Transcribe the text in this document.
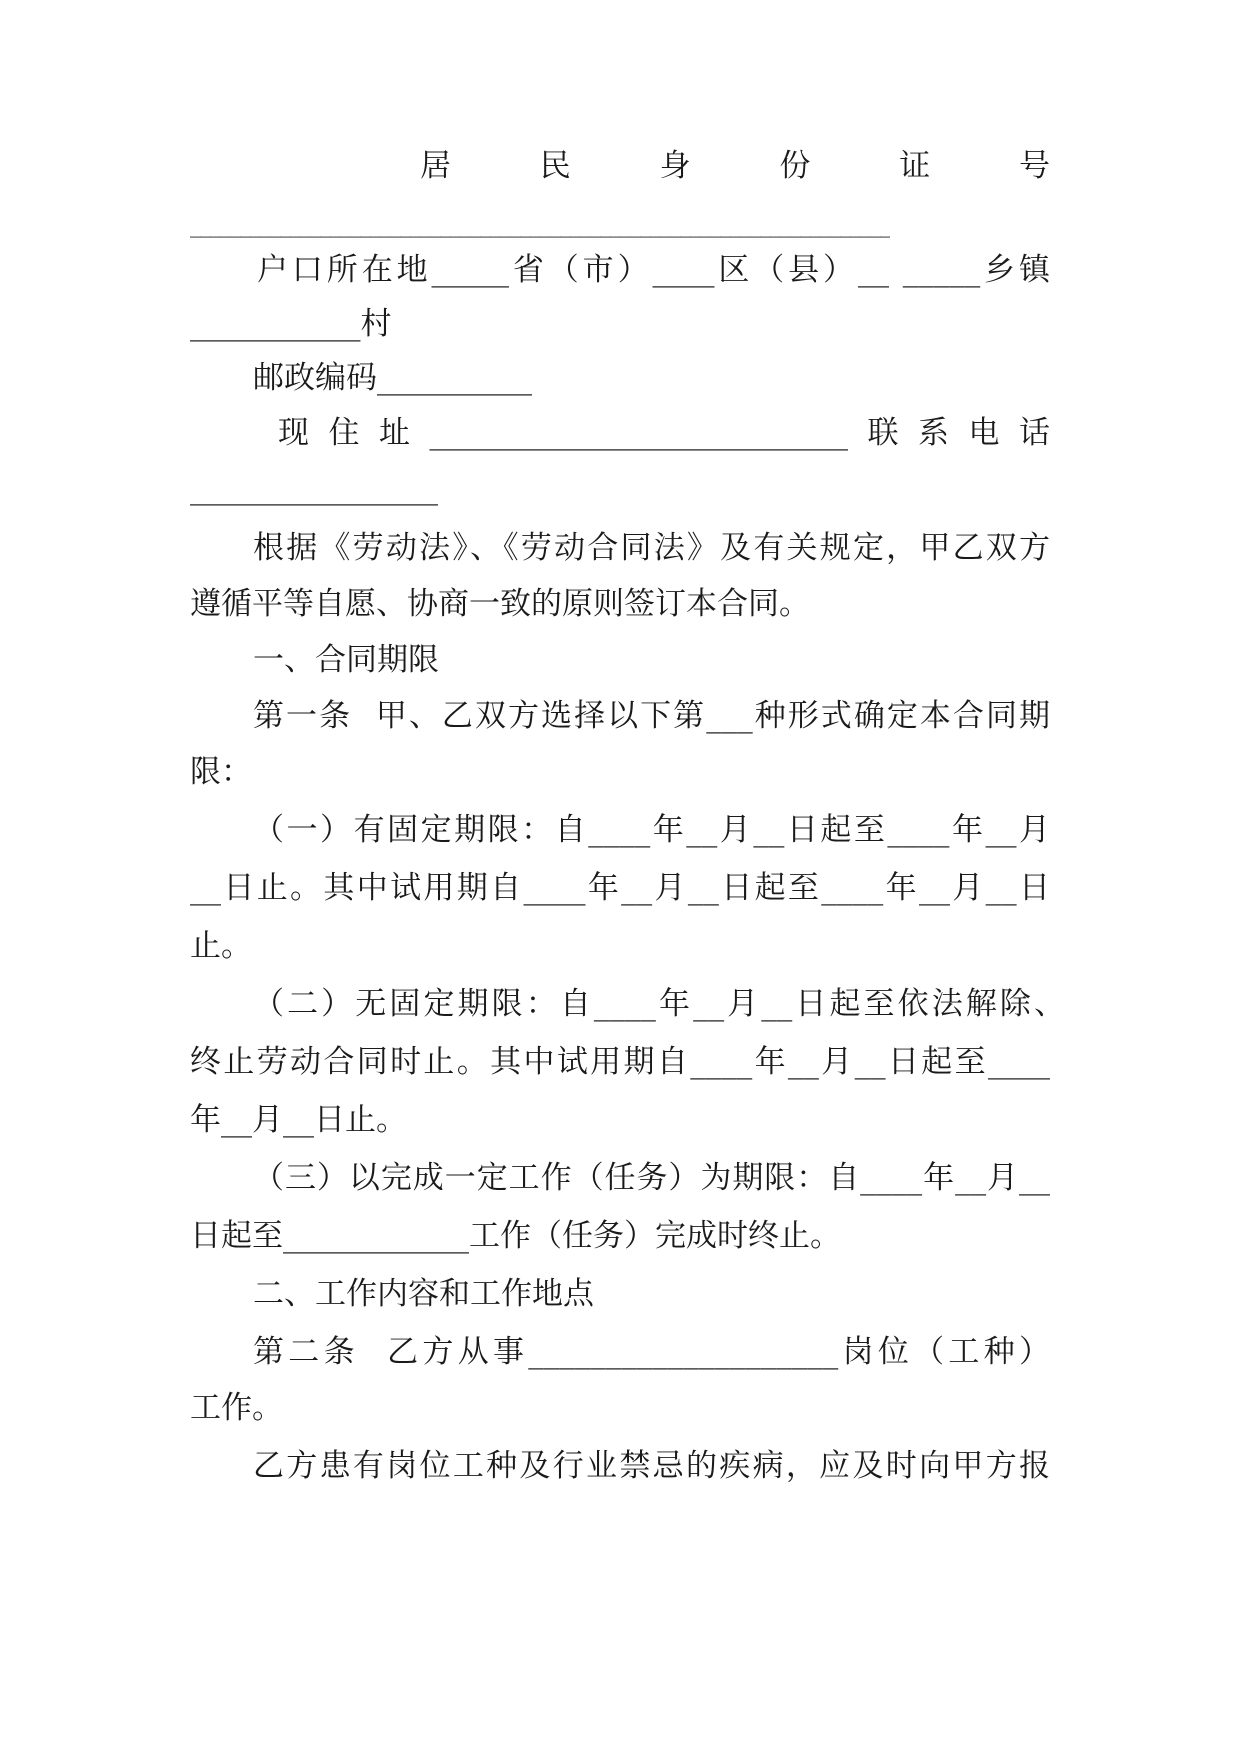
居　民　身　份　证　号
______________________________________________________________________
户口所在地_____省（市）____区（县）__ _____乡镇
___________村
邮政编码__________
现住址___________________________联系电话
________________
根据《劳动法》、《劳动合同法》及有关规定，甲乙双方
遵循平等自愿、协商一致的原则签订本合同。
一、合同期限
第一条  甲、乙双方选择以下第___种形式确定本合同期
限：
（一）有固定期限：自____年__月__日起至____年__月
__日止。其中试用期自____年__月__日起至____年__月__日
止。
（二）无固定期限：自____年__月__日起至依法解除、
终止劳动合同时止。其中试用期自____年__月__日起至____
年__月__日止。
（三）以完成一定工作（任务）为期限：自____年__月__
日起至____________工作（任务）完成时终止。
二、工作内容和工作地点
第二条  乙方从事____________________岗位（工种）
工作。
乙方患有岗位工种及行业禁忌的疾病，应及时向甲方报
